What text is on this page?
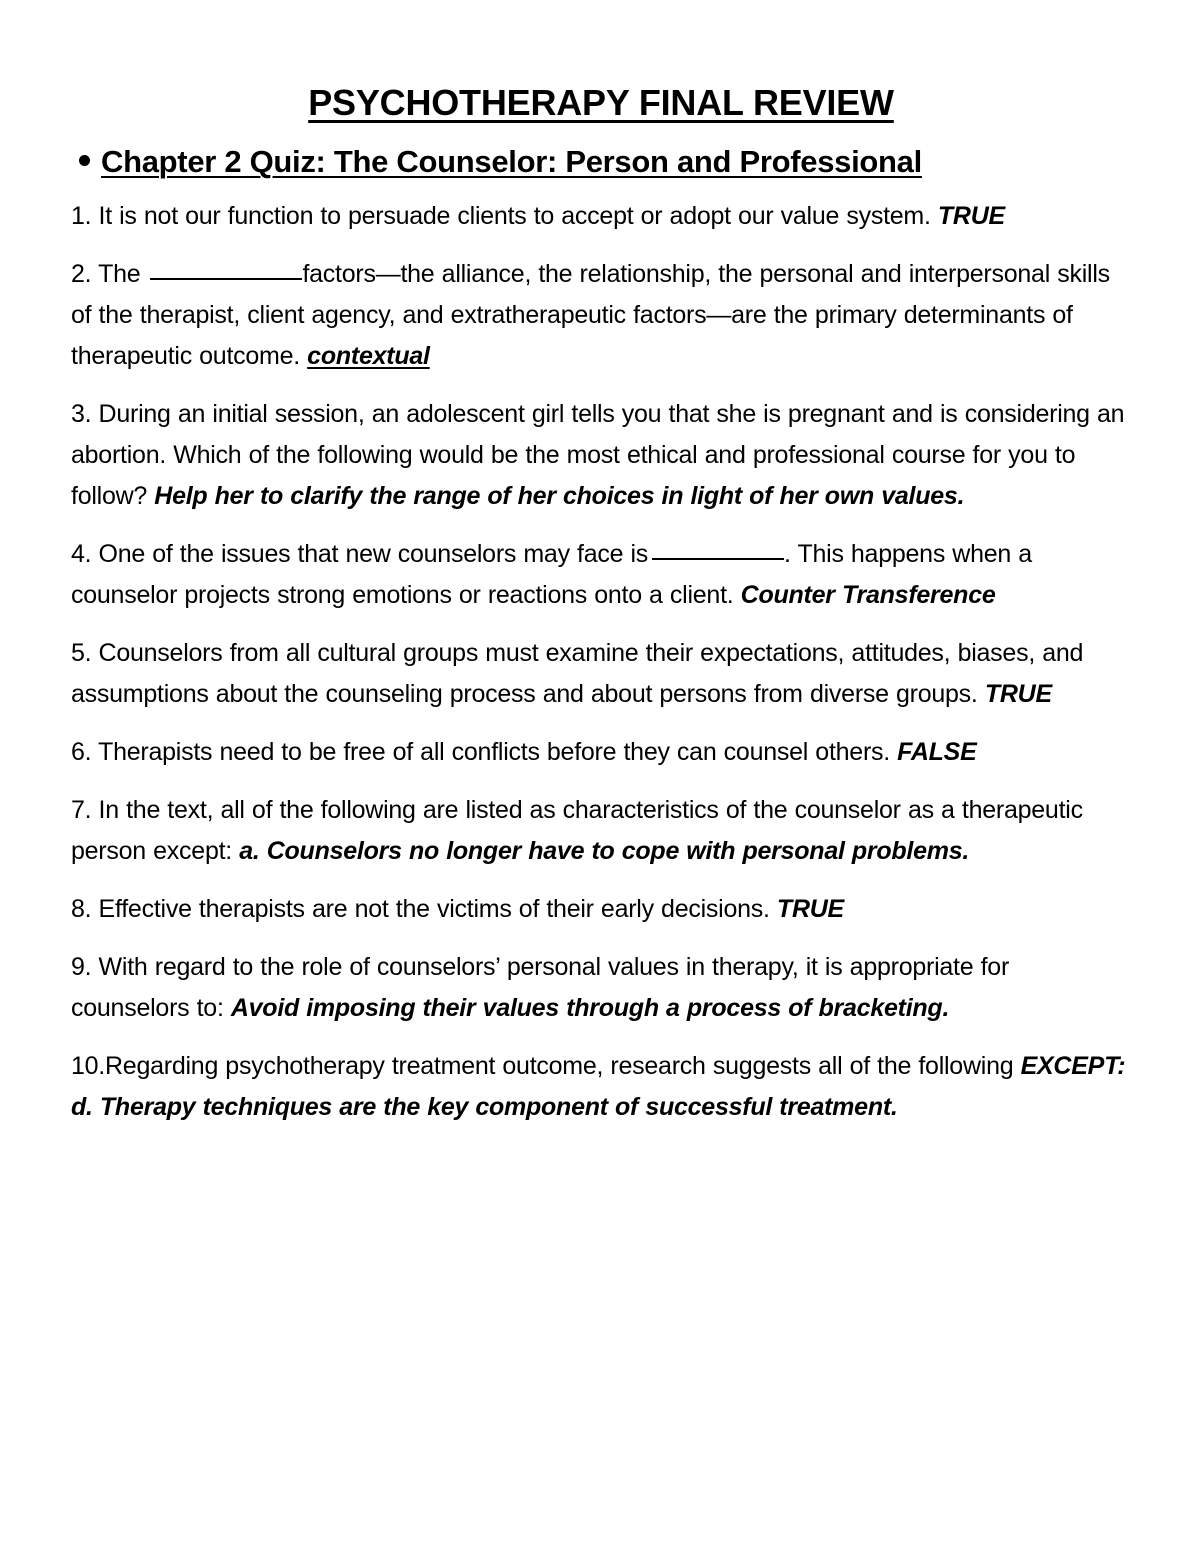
PSYCHOTHERAPY FINAL REVIEW
Chapter 2 Quiz: The Counselor: Person and Professional

1. It is not our function to persuade clients to accept or adopt our value system. TRUE

2. The	factors—the alliance, the relationship, the personal and interpersonal skills of the therapist, client agency, and extratherapeutic factors—are the primary determinants of therapeutic outcome. contextual

3. During an initial session, an adolescent girl tells you that she is pregnant and is considering an abortion. Which of the following would be the most ethical and professional course for you to follow? Help her to clarify the range of her choices in light of her own values.

4. One of the issues that new counselors may face is	. This happens when a counselor projects strong emotions or reactions onto a client. Counter Transference

5. Counselors from all cultural groups must examine their expectations, attitudes, biases, and assumptions about the counseling process and about persons from diverse groups. TRUE

6. Therapists need to be free of all conflicts before they can counsel others. FALSE

7. In the text, all of the following are listed as characteristics of the counselor as a therapeutic person except: a. Counselors no longer have to cope with personal problems.

8. Effective therapists are not the victims of their early decisions. TRUE

9. With regard to the role of counselors’ personal values in therapy, it is appropriate for counselors to: Avoid imposing their values through a process of bracketing.

10.Regarding psychotherapy treatment outcome, research suggests all of the following EXCEPT: d. Therapy techniques are the key component of successful treatment.
